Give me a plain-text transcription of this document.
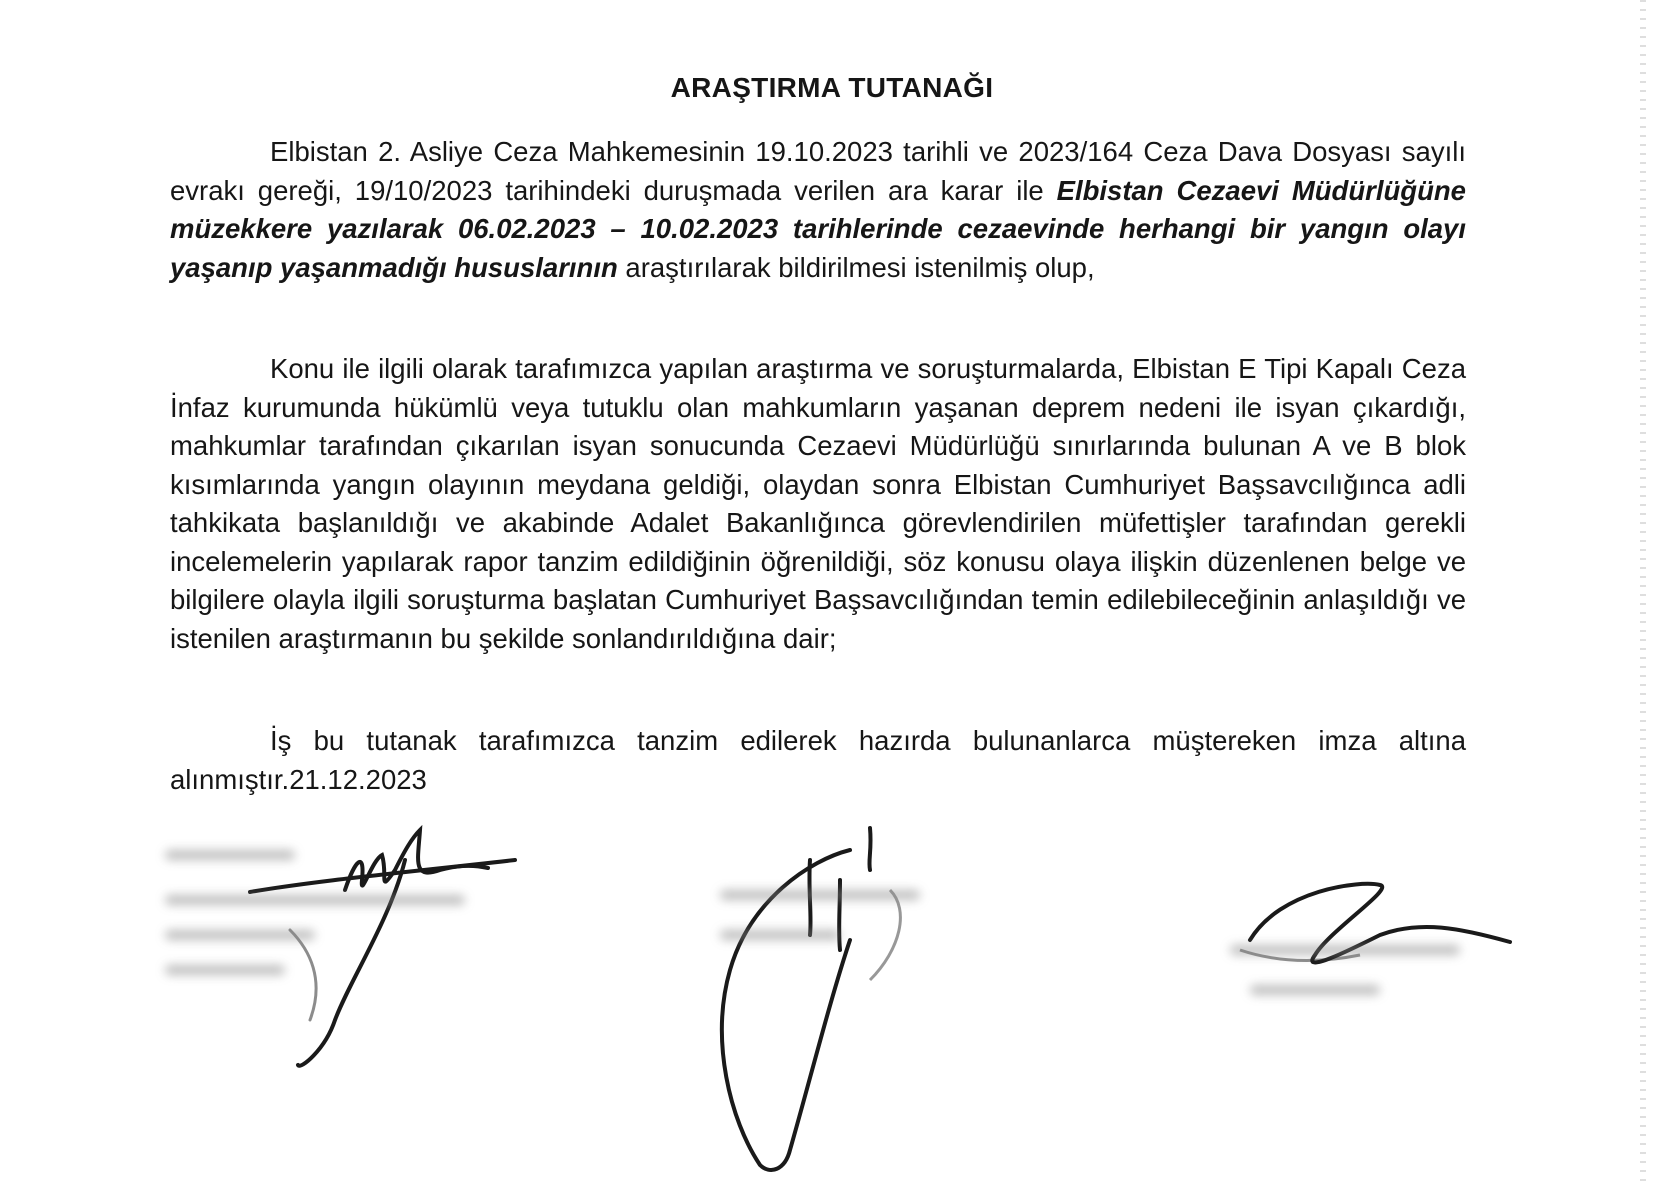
ARAŞTIRMA TUTANAĞI

Elbistan 2. Asliye Ceza Mahkemesinin 19.10.2023 tarihli ve 2023/164 Ceza Dava Dosyası sayılı evrakı gereği, 19/10/2023 tarihindeki duruşmada verilen ara karar ile Elbistan Cezaevi Müdürlüğüne müzekkere yazılarak 06.02.2023 – 10.02.2023 tarihlerinde cezaevinde herhangi bir yangın olayı yaşanıp yaşanmadığı hususlarının araştırılarak bildirilmesi istenilmiş olup,

Konu ile ilgili olarak tarafımızca yapılan araştırma ve soruşturmalarda, Elbistan E Tipi Kapalı Ceza İnfaz kurumunda hükümlü veya tutuklu olan mahkumların yaşanan deprem nedeni ile isyan çıkardığı, mahkumlar tarafından çıkarılan isyan sonucunda Cezaevi Müdürlüğü sınırlarında bulunan A ve B blok kısımlarında yangın olayının meydana geldiği, olaydan sonra Elbistan Cumhuriyet Başsavcılığınca adli tahkikata başlanıldığı ve akabinde Adalet Bakanlığınca görevlendirilen müfettişler tarafından gerekli incelemelerin yapılarak rapor tanzim edildiğinin öğrenildiği, söz konusu olaya ilişkin düzenlenen belge ve bilgilere olayla ilgili soruşturma başlatan Cumhuriyet Başsavcılığından temin edilebileceğinin anlaşıldığı ve istenilen araştırmanın bu şekilde sonlandırıldığına dair;

İş bu tutanak tarafımızca tanzim edilerek hazırda bulunanlarca müştereken imza altına alınmıştır.21.12.2023
